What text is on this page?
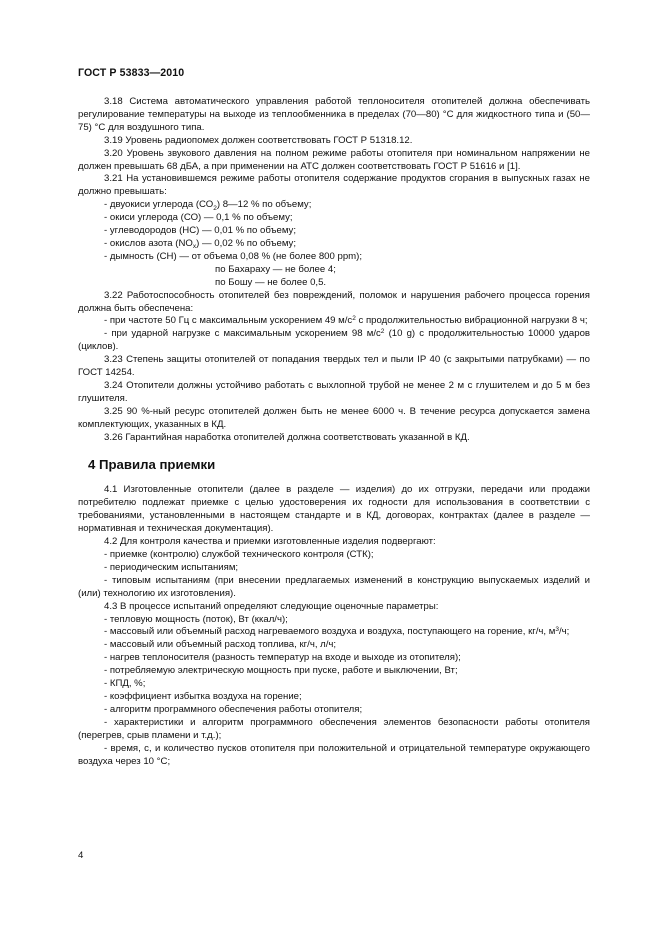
ГОСТ Р 53833—2010

3.18 Система автоматического управления работой теплоносителя отопителей должна обеспечивать регулирование температуры на выходе из теплообменника в пределах (70—80) °С для жидкостного типа и (50—75) °С для воздушного типа.

3.19 Уровень радиопомех должен соответствовать ГОСТ Р 51318.12.

3.20 Уровень звукового давления на полном режиме работы отопителя при номинальном напряжении не должен превышать 68 дБА, а при применении на АТС должен соответствовать ГОСТ Р 51616 и [1].

3.21 На установившемся режиме работы отопителя содержание продуктов сгорания в выпускных газах не должно превышать:

- двуокиси углерода $(СО_2)$ 8—12 % по объему;

- окиси углерода (СО) — 0,1 % по объему;

- углеводородов (НС) — 0,01 % по объему;

- окислов азота $(NO_x)$ — 0,02 % по объему;

- дымность (СН) — от объема 0,08 % (не более 800 ppm);

по Бахараху — не более 4;

по Бошу — не более 0,5.

3.22 Работоспособность отопителей без повреждений, поломок и нарушения рабочего процесса горения должна быть обеспечена:

- при частоте 50 Гц с максимальным ускорением 49 $м/с^2$ с продолжительностью вибрационной нагрузки 8 ч;

- при ударной нагрузке с максимальным ускорением 98 $м/с^2$ (10 g) с продолжительностью 10000 ударов (циклов).

3.23 Степень защиты отопителей от попадания твердых тел и пыли IP 40 (с закрытыми патрубками) — по ГОСТ 14254.

3.24 Отопители должны устойчиво работать с выхлопной трубой не менее 2 м с глушителем и до 5 м без глушителя.

3.25 90 %-ный ресурс отопителей должен быть не менее 6000 ч. В течение ресурса допускается замена комплектующих, указанных в КД.

3.26 Гарантийная наработка отопителей должна соответствовать указанной в КД.

4 Правила приемки

4.1 Изготовленные отопители (далее в разделе — изделия) до их отгрузки, передачи или продажи потребителю подлежат приемке с целью удостоверения их годности для использования в соответствии с требованиями, установленными в настоящем стандарте и в КД, договорах, контрактах (далее в разделе — нормативная и техническая документация).

4.2 Для контроля качества и приемки изготовленные изделия подвергают:

- приемке (контролю) службой технического контроля (СТК);

- периодическим испытаниям;

- типовым испытаниям (при внесении предлагаемых изменений в конструкцию выпускаемых изделий и (или) технологию их изготовления).

4.3 В процессе испытаний определяют следующие оценочные параметры:

- тепловую мощность (поток), Вт (ккал/ч);

- массовый или объемный расход нагреваемого воздуха и воздуха, поступающего на горение, кг/ч, $м^3/ч$;

- массовый или объемный расход топлива, кг/ч, л/ч;

- нагрев теплоносителя (разность температур на входе и выходе из отопителя);

- потребляемую электрическую мощность при пуске, работе и выключении, Вт;

- КПД, %;

- коэффициент избытка воздуха на горение;

- алгоритм программного обеспечения работы отопителя;

- характеристики и алгоритм программного обеспечения элементов безопасности работы отопителя (перегрев, срыв пламени и т.д.);

- время, с, и количество пусков отопителя при положительной и отрицательной температуре окружающего воздуха через 10 °С;

4
